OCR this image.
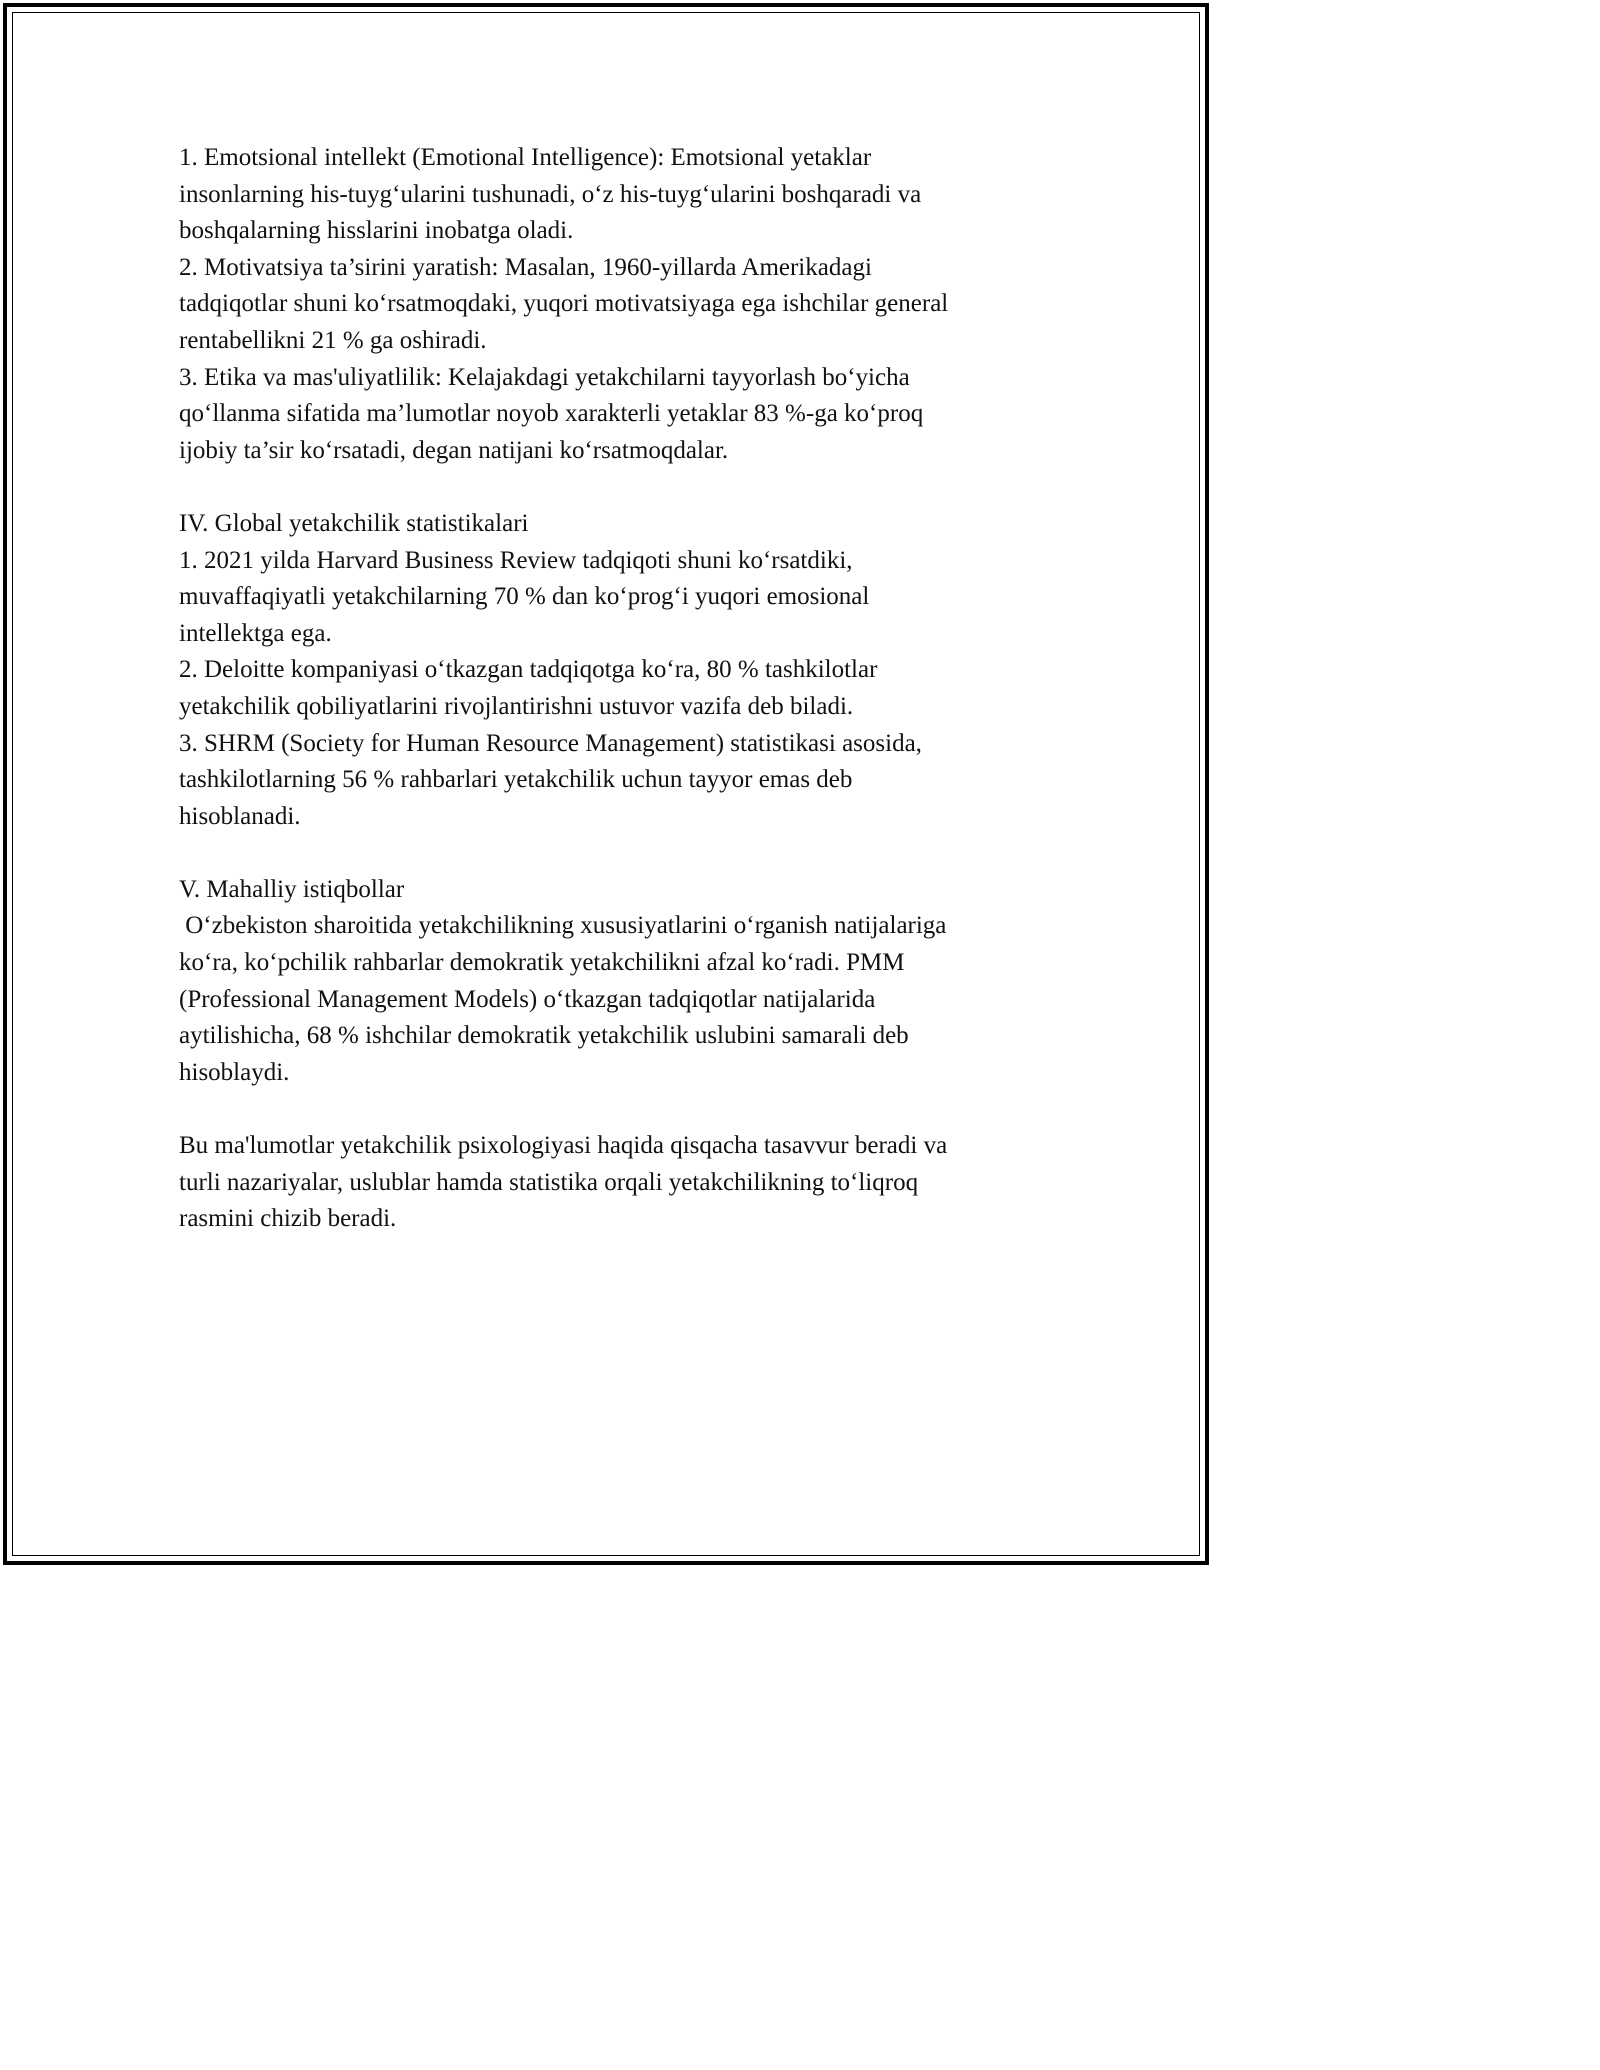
1. Emotsional intellekt (Emotional Intelligence): Emotsional yetaklar
insonlarning his-tuyg‘ularini tushunadi, o‘z his-tuyg‘ularini boshqaradi va
boshqalarning hisslarini inobatga oladi.
2. Motivatsiya ta’sirini yaratish: Masalan, 1960-yillarda Amerikadagi
tadqiqotlar shuni ko‘rsatmoqdaki, yuqori motivatsiyaga ega ishchilar general
rentabellikni 21 % ga oshiradi.
3. Etika va mas'uliyatlilik: Kelajakdagi yetakchilarni tayyorlash bo‘yicha
qo‘llanma sifatida ma’lumotlar noyob xarakterli yetaklar 83 %-ga ko‘proq
ijobiy ta’sir ko‘rsatadi, degan natijani ko‘rsatmoqdalar.
IV. Global yetakchilik statistikalari
1. 2021 yilda Harvard Business Review tadqiqoti shuni ko‘rsatdiki,
muvaffaqiyatli yetakchilarning 70 % dan ko‘prog‘i yuqori emosional
intellektga ega.
2. Deloitte kompaniyasi o‘tkazgan tadqiqotga ko‘ra, 80 % tashkilotlar
yetakchilik qobiliyatlarini rivojlantirishni ustuvor vazifa deb biladi.
3. SHRM (Society for Human Resource Management) statistikasi asosida,
tashkilotlarning 56 % rahbarlari yetakchilik uchun tayyor emas deb
hisoblanadi.
V. Mahalliy istiqbollar
O‘zbekiston sharoitida yetakchilikning xususiyatlarini o‘rganish natijalariga
ko‘ra, ko‘pchilik rahbarlar demokratik yetakchilikni afzal ko‘radi. PMM
(Professional Management Models) o‘tkazgan tadqiqotlar natijalarida
aytilishicha, 68 % ishchilar demokratik yetakchilik uslubini samarali deb
hisoblaydi.
Bu ma'lumotlar yetakchilik psixologiyasi haqida qisqacha tasavvur beradi va
turli nazariyalar, uslublar hamda statistika orqali yetakchilikning to‘liqroq
rasmini chizib beradi.
